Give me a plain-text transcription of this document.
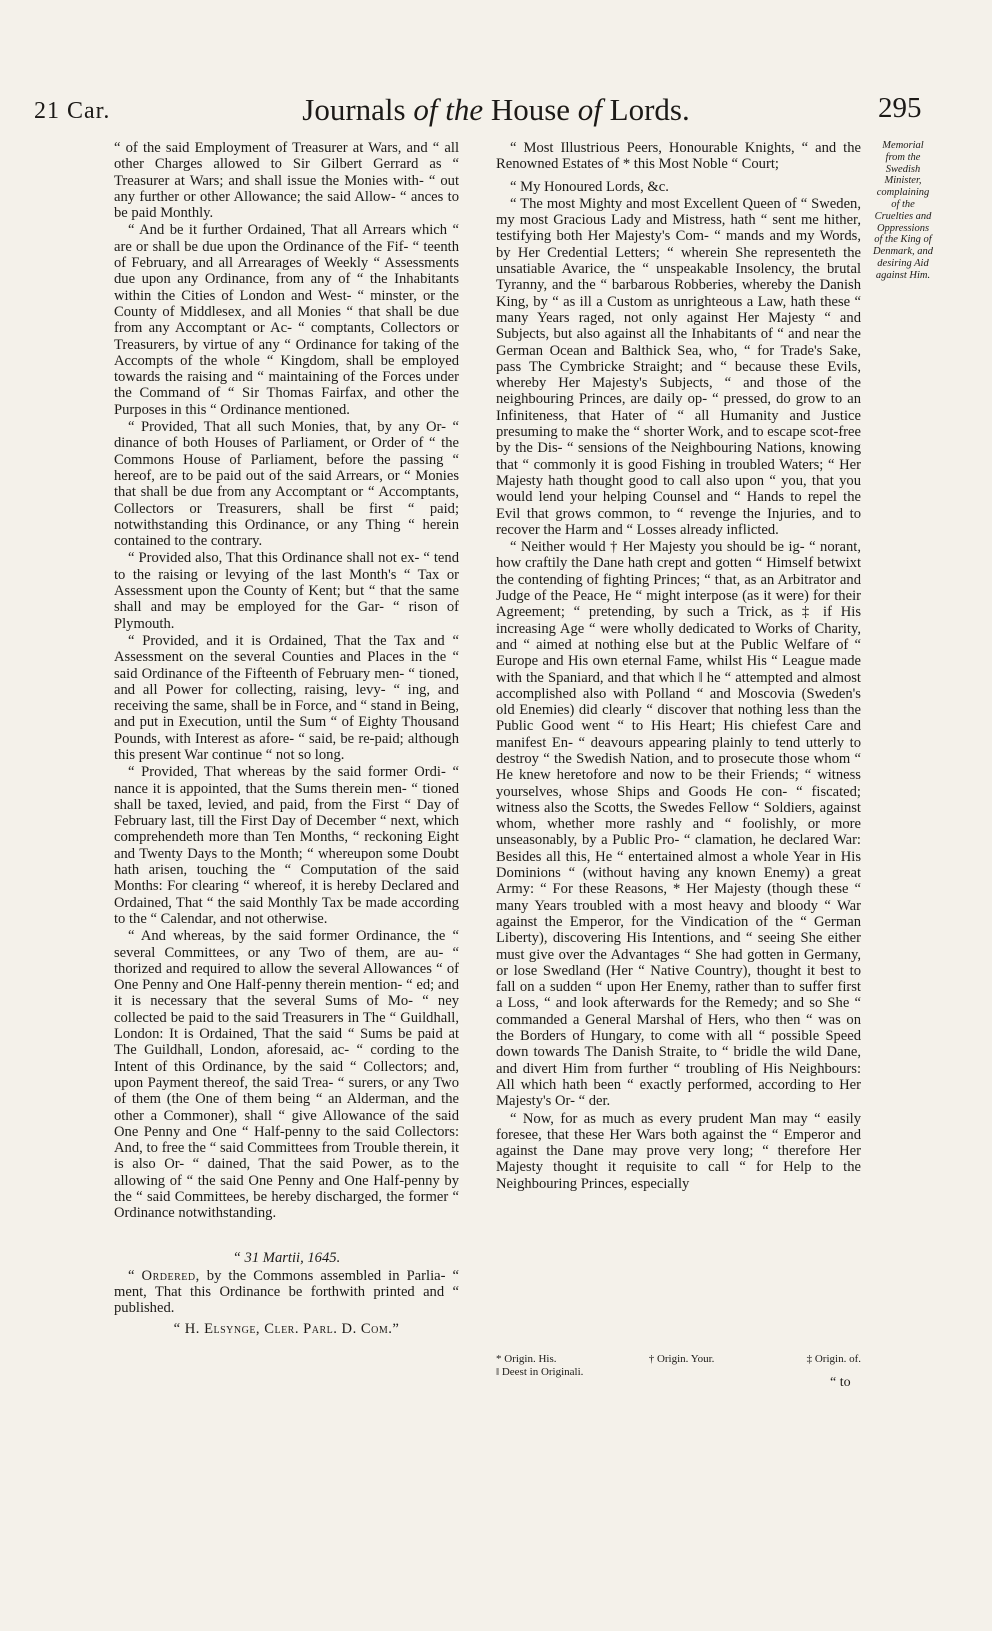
21 Car.	Journals of the House of Lords.	295

“ of the said Employment of Treasurer at Wars, and “ all other Charges allowed to Sir Gilbert Gerrard as “ Treasurer at Wars; and shall issue the Monies with- “ out any further or other Allowance; the said Allow- “ ances to be paid Monthly.

“ And be it further Ordained, That all Arrears which “ are or shall be due upon the Ordinance of the Fif- “ teenth of February, and all Arrearages of Weekly “ Assessments due upon any Ordinance, from any of “ the Inhabitants within the Cities of London and West- “ minster, or the County of Middlesex, and all Monies “ that shall be due from any Accomptant or Ac- “ comptants, Collectors or Treasurers, by virtue of any “ Ordinance for taking of the Accompts of the whole “ Kingdom, shall be employed towards the raising and “ maintaining of the Forces under the Command of “ Sir Thomas Fairfax, and other the Purposes in this “ Ordinance mentioned.

“ Provided, That all such Monies, that, by any Or- “ dinance of both Houses of Parliament, or Order of “ the Commons House of Parliament, before the passing “ hereof, are to be paid out of the said Arrears, or “ Monies that shall be due from any Accomptant or “ Accomptants, Collectors or Treasurers, shall be first “ paid; notwithstanding this Ordinance, or any Thing “ herein contained to the contrary.

“ Provided also, That this Ordinance shall not ex- “ tend to the raising or levying of the last Month's “ Tax or Assessment upon the County of Kent; but “ that the same shall and may be employed for the Gar- “ rison of Plymouth.

“ Provided, and it is Ordained, That the Tax and “ Assessment on the several Counties and Places in the “ said Ordinance of the Fifteenth of February men- “ tioned, and all Power for collecting, raising, levy- “ ing, and receiving the same, shall be in Force, and “ stand in Being, and put in Execution, until the Sum “ of Eighty Thousand Pounds, with Interest as afore- “ said, be re-paid; although this present War continue “ not so long.

“ Provided, That whereas by the said former Ordi- “ nance it is appointed, that the Sums therein men- “ tioned shall be taxed, levied, and paid, from the First “ Day of February last, till the First Day of December “ next, which comprehendeth more than Ten Months, “ reckoning Eight and Twenty Days to the Month; “ whereupon some Doubt hath arisen, touching the “ Computation of the said Months: For clearing “ whereof, it is hereby Declared and Ordained, That “ the said Monthly Tax be made according to the “ Calendar, and not otherwise.

“ And whereas, by the said former Ordinance, the “ several Committees, or any Two of them, are au- “ thorized and required to allow the several Allowances “ of One Penny and One Half-penny therein mention- “ ed; and it is necessary that the several Sums of Mo- “ ney collected be paid to the said Treasurers in The “ Guildhall, London: It is Ordained, That the said “ Sums be paid at The Guildhall, London, aforesaid, ac- “ cording to the Intent of this Ordinance, by the said “ Collectors; and, upon Payment thereof, the said Trea- “ surers, or any Two of them (the One of them being “ an Alderman, and the other a Commoner), shall “ give Allowance of the said One Penny and One “ Half-penny to the said Collectors: And, to free the “ said Committees from Trouble therein, it is also Or- “ dained, That the said Power, as to the allowing of “ the said One Penny and One Half-penny by the “ said Committees, be hereby discharged, the former “ Ordinance notwithstanding.

“ 31 Martii, 1645.

“ Ordered, by the Commons assembled in Parlia- “ ment, That this Ordinance be forthwith printed and “ published.

“ H. Elsynge, Cler. Parl. D. Com.”

“ Most Illustrious Peers, Honourable Knights, “ and the Renowned Estates of * this Most Noble “ Court;

“ My Honoured Lords, &c.

“ The most Mighty and most Excellent Queen of “ Sweden, my most Gracious Lady and Mistress, hath “ sent me hither, testifying both Her Majesty's Com- “ mands and my Words, by Her Credential Letters; “ wherein She representeth the unsatiable Avarice, the “ unspeakable Insolency, the brutal Tyranny, and the “ barbarous Robberies, whereby the Danish King, by “ as ill a Custom as unrighteous a Law, hath these “ many Years raged, not only against Her Majesty “ and Subjects, but also against all the Inhabitants of “ and near the German Ocean and Balthick Sea, who, “ for Trade's Sake, pass The Cymbricke Straight; and “ because these Evils, whereby Her Majesty's Subjects, “ and those of the neighbouring Princes, are daily op- “ pressed, do grow to an Infiniteness, that Hater of “ all Humanity and Justice presuming to make the “ shorter Work, and to escape scot-free by the Dis- “ sensions of the Neighbouring Nations, knowing that “ commonly it is good Fishing in troubled Waters; “ Her Majesty hath thought good to call also upon “ you, that you would lend your helping Counsel and “ Hands to repel the Evil that grows common, to “ revenge the Injuries, and to recover the Harm and “ Losses already inflicted.

“ Neither would † Her Majesty you should be ig- “ norant, how craftily the Dane hath crept and gotten “ Himself betwixt the contending of fighting Princes; “ that, as an Arbitrator and Judge of the Peace, He “ might interpose (as it were) for their Agreement; “ pretending, by such a Trick, as ‡ if His increasing Age “ were wholly dedicated to Works of Charity, and “ aimed at nothing else but at the Public Welfare of “ Europe and His own eternal Fame, whilst His “ League made with the Spaniard, and that which ‖ he “ attempted and almost accomplished also with Polland “ and Moscovia (Sweden's old Enemies) did clearly “ discover that nothing less than the Public Good went “ to His Heart; His chiefest Care and manifest En- “ deavours appearing plainly to tend utterly to destroy “ the Swedish Nation, and to prosecute those whom “ He knew heretofore and now to be their Friends; “ witness yourselves, whose Ships and Goods He con- “ fiscated; witness also the Scotts, the Swedes Fellow “ Soldiers, against whom, whether more rashly and “ foolishly, or more unseasonably, by a Public Pro- “ clamation, he declared War: Besides all this, He “ entertained almost a whole Year in His Dominions “ (without having any known Enemy) a great Army: “ For these Reasons, * Her Majesty (though these “ many Years troubled with a most heavy and bloody “ War against the Emperor, for the Vindication of the “ German Liberty), discovering His Intentions, and “ seeing She either must give over the Advantages “ She had gotten in Germany, or lose Swedland (Her “ Native Country), thought it best to fall on a sudden “ upon Her Enemy, rather than to suffer first a Loss, “ and look afterwards for the Remedy; and so She “ commanded a General Marshal of Hers, who then “ was on the Borders of Hungary, to come with all “ possible Speed down towards The Danish Straite, to “ bridle the wild Dane, and divert Him from further “ troubling of His Neighbours: All which hath been “ exactly performed, according to Her Majesty's Or- “ der.

“ Now, for as much as every prudent Man may “ easily foresee, that these Her Wars both against the “ Emperor and against the Dane may prove very long; “ therefore Her Majesty thought it requisite to call “ for Help to the Neighbouring Princes, especially

Memorial from the Swedish Minister, complaining of the Cruelties and Oppressions of the King of Denmark, and desiring Aid against Him.
* Origin. His.	† Origin. Your.	‡ Origin. of.
‖ Deest in Originali.
“ to
